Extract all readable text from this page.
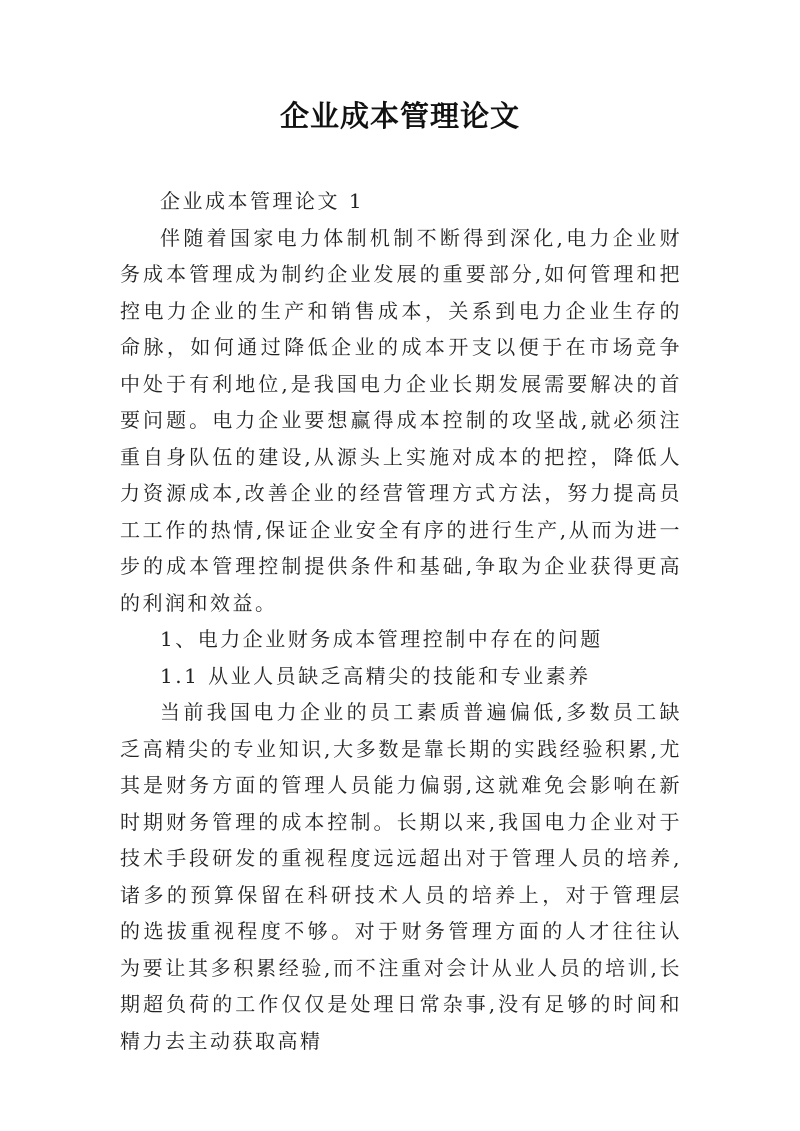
企业成本管理论文

企业成本管理论文 1

伴随着国家电力体制机制不断得到深化,电力企业财务成本管理成为制约企业发展的重要部分,如何管理和把控电力企业的生产和销售成本，关系到电力企业生存的命脉，如何通过降低企业的成本开支以便于在市场竞争中处于有利地位,是我国电力企业长期发展需要解决的首要问题。电力企业要想赢得成本控制的攻坚战,就必须注重自身队伍的建设,从源头上实施对成本的把控，降低人力资源成本,改善企业的经营管理方式方法，努力提高员工工作的热情,保证企业安全有序的进行生产,从而为进一步的成本管理控制提供条件和基础,争取为企业获得更高的利润和效益。

1、电力企业财务成本管理控制中存在的问题

1.1 从业人员缺乏高精尖的技能和专业素养

当前我国电力企业的员工素质普遍偏低,多数员工缺乏高精尖的专业知识,大多数是靠长期的实践经验积累,尤其是财务方面的管理人员能力偏弱,这就难免会影响在新时期财务管理的成本控制。长期以来,我国电力企业对于技术手段研发的重视程度远远超出对于管理人员的培养,诸多的预算保留在科研技术人员的培养上，对于管理层的选拔重视程度不够。对于财务管理方面的人才往往认为要让其多积累经验,而不注重对会计从业人员的培训,长期超负荷的工作仅仅是处理日常杂事,没有足够的时间和精力去主动获取高精
